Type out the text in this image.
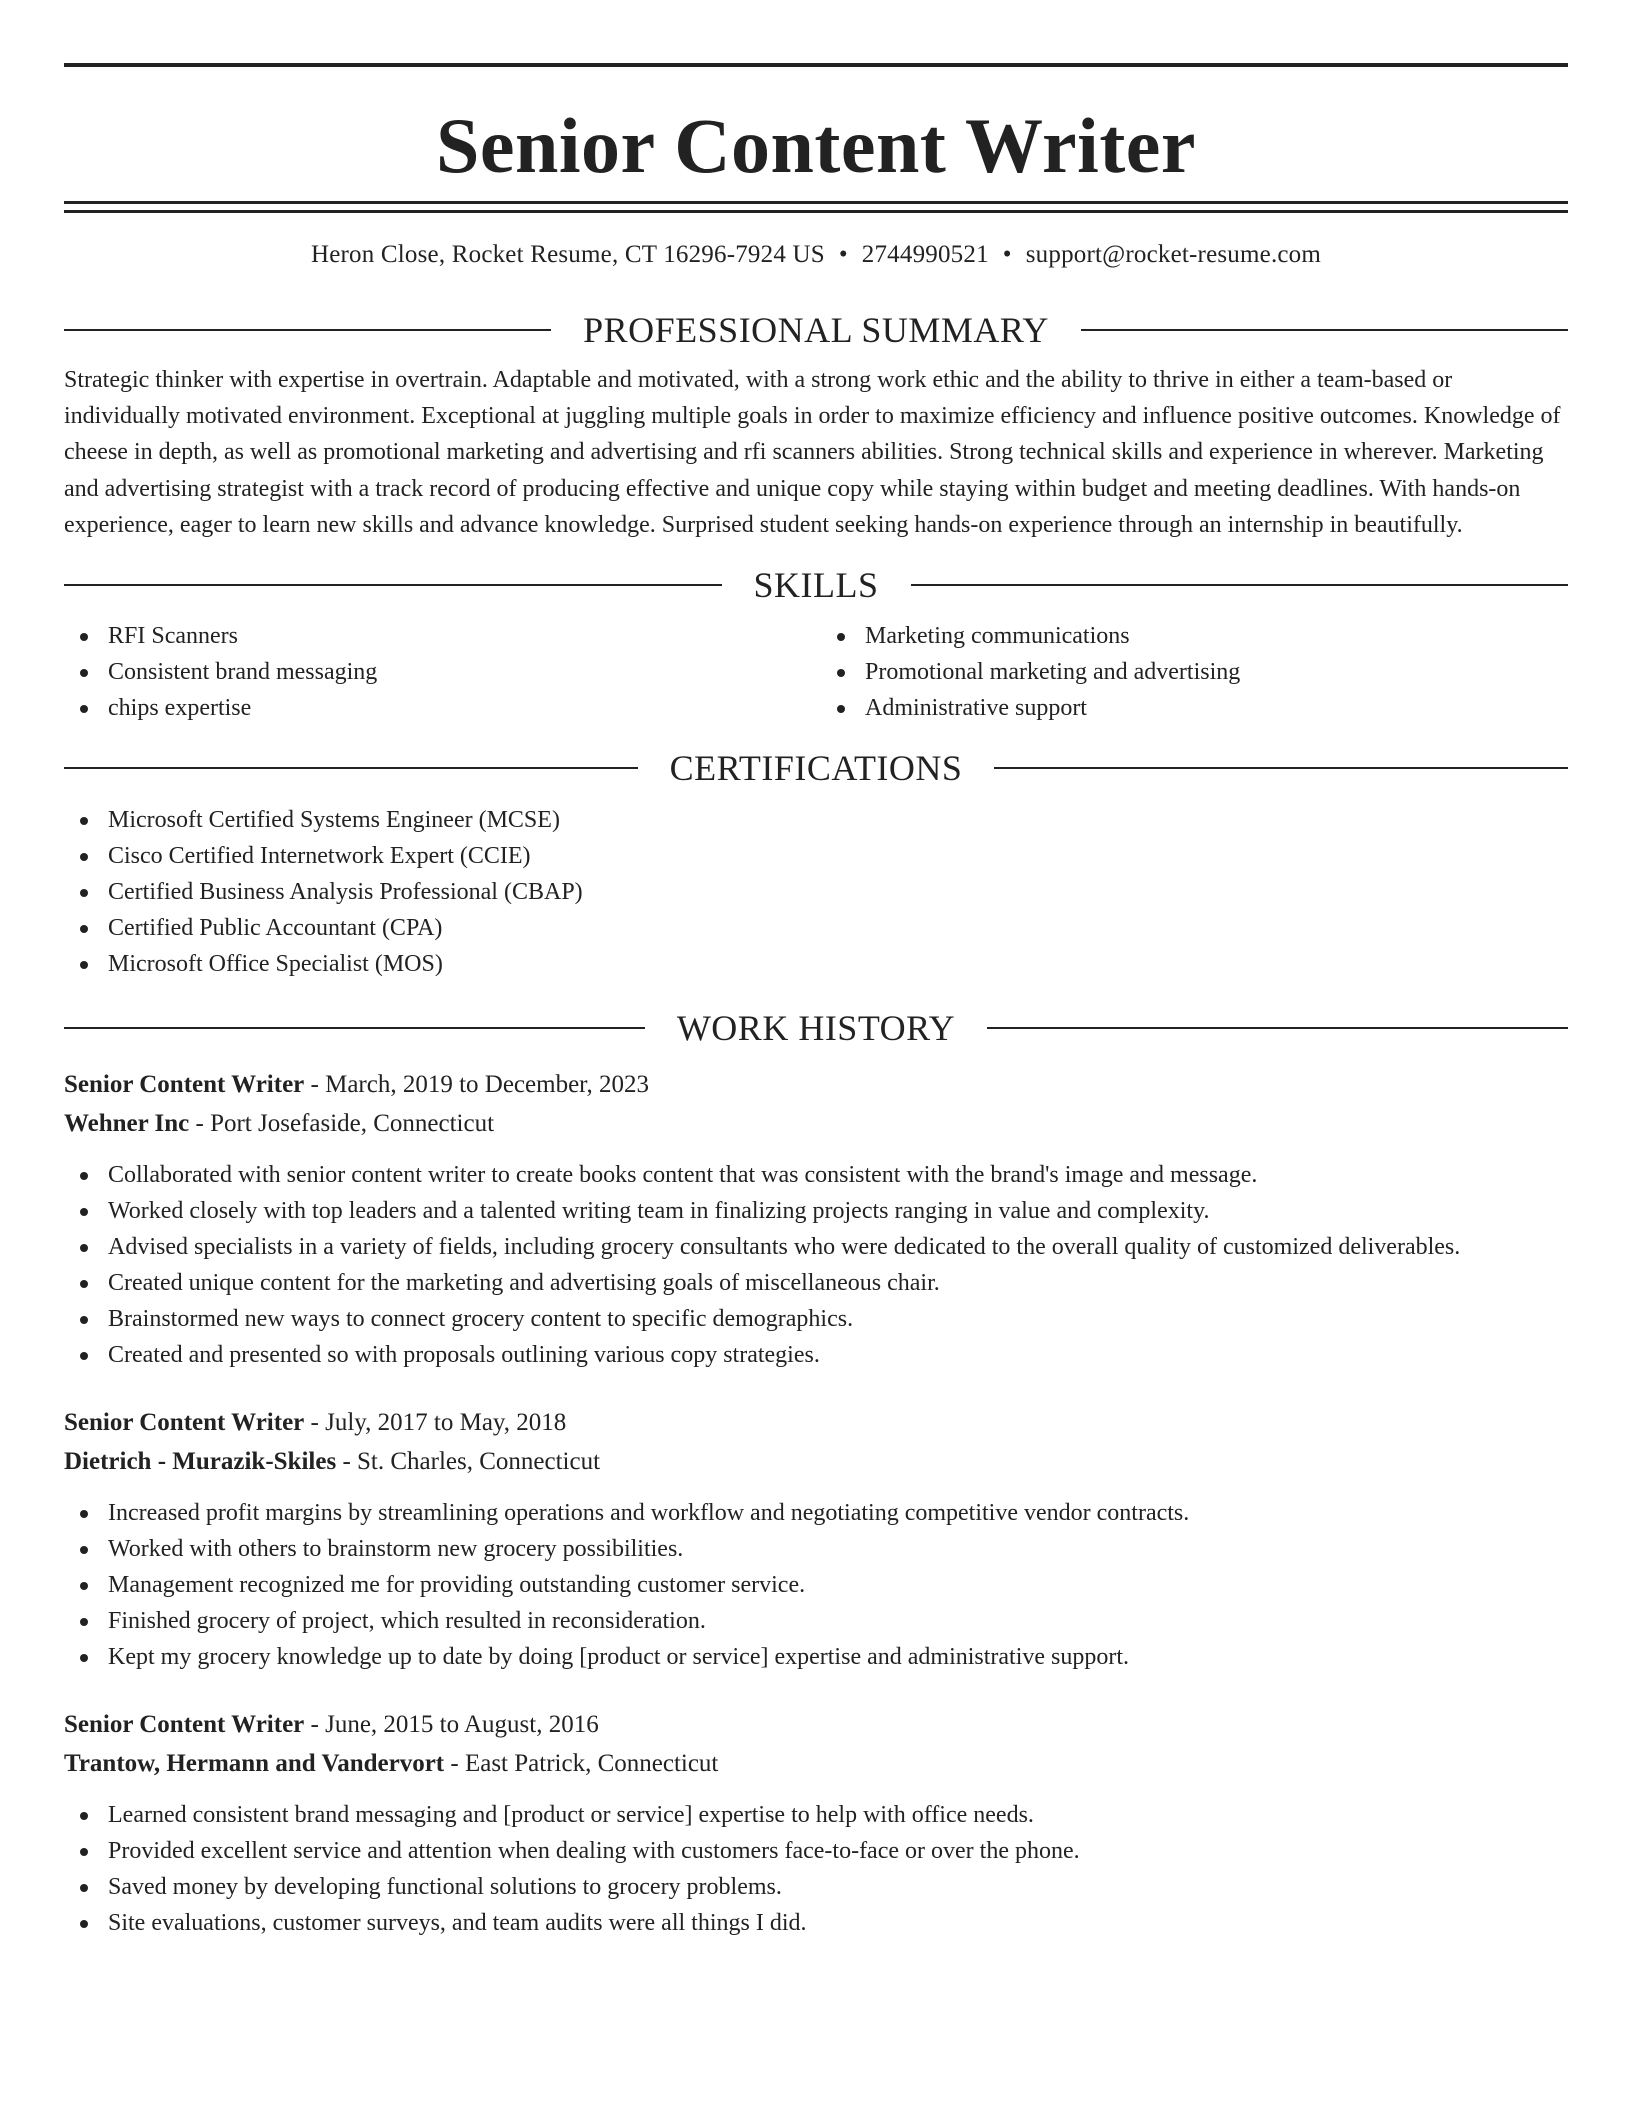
Senior Content Writer
Heron Close, Rocket Resume, CT 16296-7924 US • 2744990521 • support@rocket-resume.com
PROFESSIONAL SUMMARY

Strategic thinker with expertise in overtrain. Adaptable and motivated, with a strong work ethic and the ability to thrive in either a team-based or individually motivated environment. Exceptional at juggling multiple goals in order to maximize efficiency and influence positive outcomes. Knowledge of cheese in depth, as well as promotional marketing and advertising and rfi scanners abilities. Strong technical skills and experience in wherever. Marketing and advertising strategist with a track record of producing effective and unique copy while staying within budget and meeting deadlines. With hands-on experience, eager to learn new skills and advance knowledge. Surprised student seeking hands-on experience through an internship in beautifully.

SKILLS
RFI Scanners
Consistent brand messaging
chips expertise
Marketing communications
Promotional marketing and advertising
Administrative support
CERTIFICATIONS
Microsoft Certified Systems Engineer (MCSE)
Cisco Certified Internetwork Expert (CCIE)
Certified Business Analysis Professional (CBAP)
Certified Public Accountant (CPA)
Microsoft Office Specialist (MOS)
WORK HISTORY
Senior Content Writer - March, 2019 to December, 2023
Wehner Inc - Port Josefaside, Connecticut
Collaborated with senior content writer to create books content that was consistent with the brand's image and message.
Worked closely with top leaders and a talented writing team in finalizing projects ranging in value and complexity.
Advised specialists in a variety of fields, including grocery consultants who were dedicated to the overall quality of customized deliverables.
Created unique content for the marketing and advertising goals of miscellaneous chair.
Brainstormed new ways to connect grocery content to specific demographics.
Created and presented so with proposals outlining various copy strategies.
Senior Content Writer - July, 2017 to May, 2018
Dietrich - Murazik-Skiles - St. Charles, Connecticut
Increased profit margins by streamlining operations and workflow and negotiating competitive vendor contracts.
Worked with others to brainstorm new grocery possibilities.
Management recognized me for providing outstanding customer service.
Finished grocery of project, which resulted in reconsideration.
Kept my grocery knowledge up to date by doing [product or service] expertise and administrative support.
Senior Content Writer - June, 2015 to August, 2016
Trantow, Hermann and Vandervort - East Patrick, Connecticut
Learned consistent brand messaging and [product or service] expertise to help with office needs.
Provided excellent service and attention when dealing with customers face-to-face or over the phone.
Saved money by developing functional solutions to grocery problems.
Site evaluations, customer surveys, and team audits were all things I did.
